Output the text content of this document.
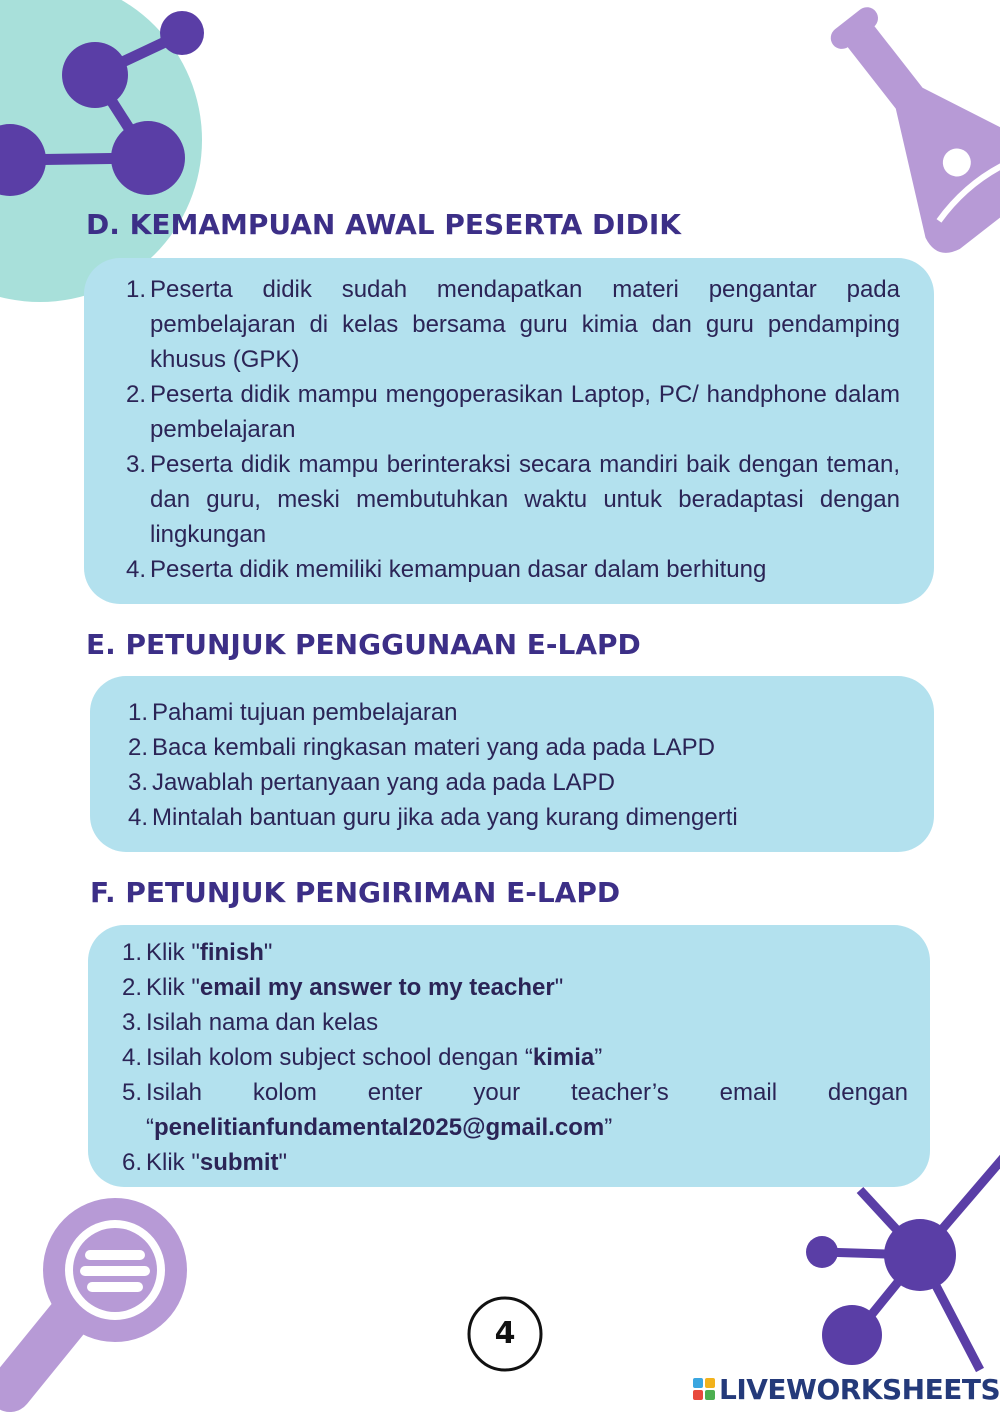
D. KEMAMPUAN AWAL PESERTA DIDIK
1. Peserta didik sudah mendapatkan materi pengantar pada pembelajaran di kelas bersama guru kimia dan guru pendamping khusus (GPK)
2. Peserta didik mampu mengoperasikan Laptop, PC/ handphone dalam pembelajaran
3. Peserta didik mampu berinteraksi secara mandiri baik dengan teman, dan guru, meski membutuhkan waktu untuk beradaptasi dengan lingkungan
4. Peserta didik memiliki kemampuan dasar dalam berhitung
E. PETUNJUK PENGGUNAAN E-LAPD
1. Pahami tujuan pembelajaran
2. Baca kembali ringkasan materi yang ada pada LAPD
3. Jawablah pertanyaan yang ada pada LAPD
4. Mintalah bantuan guru jika ada yang kurang dimengerti
F. PETUNJUK PENGIRIMAN E-LAPD
1. Klik "finish"
2. Klik "email my answer to my teacher"
3. Isilah nama dan kelas
4. Isilah kolom subject school dengan “kimia”
5. Isilah kolom enter your teacher’s email dengan “penelitianfundamental2025@gmail.com”
6. Klik "submit"
4
LIVEWORKSHEETS
